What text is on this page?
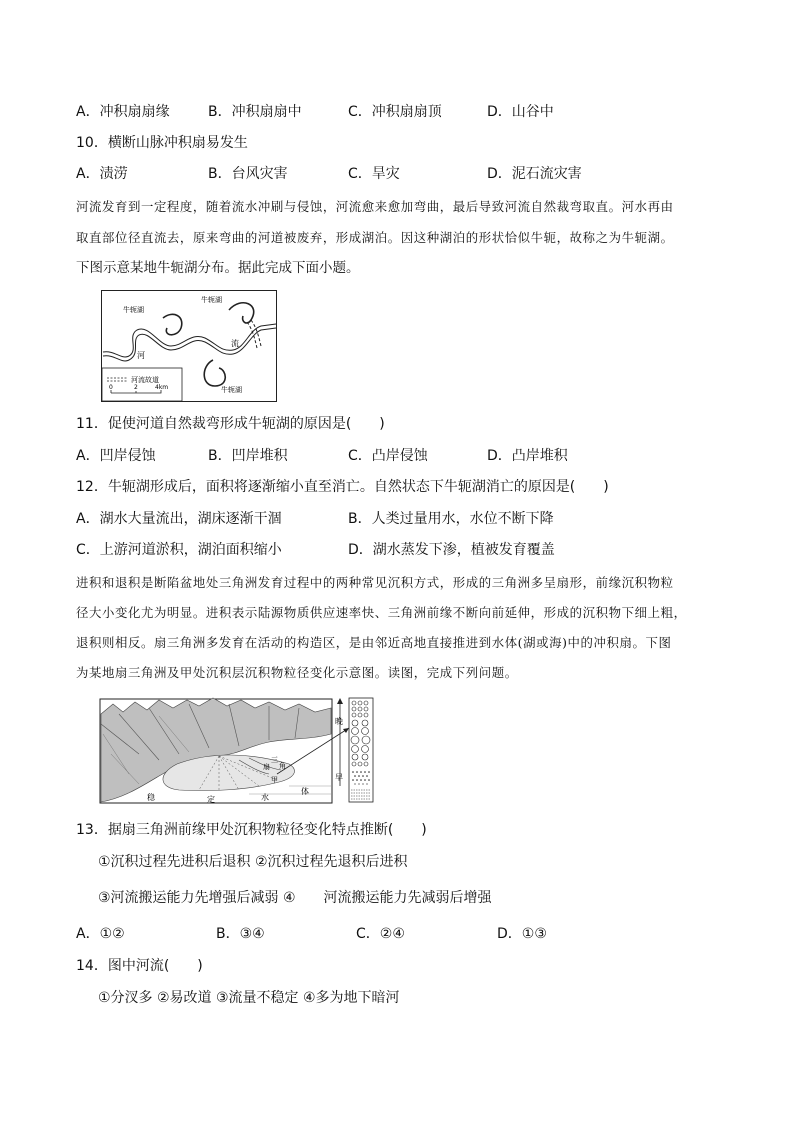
A．冲积扇扇缘	B．冲积扇扇中	C．冲积扇扇顶	D．山谷中
10．横断山脉冲积扇易发生
A．渍涝	B．台风灾害	C．旱灾	D．泥石流灾害
河流发育到一定程度，随着流水冲刷与侵蚀，河流愈来愈加弯曲，最后导致河流自然裁弯取直。河水再由
取直部位径直流去，原来弯曲的河道被废弃，形成湖泊。因这种湖泊的形状恰似牛轭，故称之为牛轭湖。
下图示意某地牛轭湖分布。据此完成下面小题。
牛轭湖
牛轭湖
牛轭湖
河
流
河流故道
0	2	4km
11．促使河道自然裁弯形成牛轭湖的原因是(　　)
A．凹岸侵蚀	B．凹岸堆积	C．凸岸侵蚀	D．凸岸堆积
12．牛轭湖形成后，面积将逐渐缩小直至消亡。自然状态下牛轭湖消亡的原因是(　　)
A．湖水大量流出，湖床逐渐干涸	B．人类过量用水，水位不断下降
C．上游河道淤积，湖泊面积缩小	D．湖水蒸发下渗，植被发育覆盖
进积和退积是断陷盆地处三角洲发育过程中的两种常见沉积方式，形成的三角洲多呈扇形，前缘沉积物粒
径大小变化尤为明显。进积表示陆源物质供应速率快、三角洲前缘不断向前延伸，形成的沉积物下细上粗，
退积则相反。扇三角洲多发育在活动的构造区，是由邻近高地直接推进到水体(湖或海)中的冲积扇。下图
为某地扇三角洲及甲处沉积层沉积物粒径变化示意图。读图，完成下列问题。
扇
三
角
甲
稳	定	水
体
晚
早
13．据扇三角洲前缘甲处沉积物粒径变化特点推断(　　)
①沉积过程先进积后退积 ②沉积过程先退积后进积
③河流搬运能力先增强后减弱 ④　　河流搬运能力先减弱后增强
A．①②	B．③④	C．②④	D．①③
14．图中河流(　　)
①分汊多 ②易改道 ③流量不稳定 ④多为地下暗河
